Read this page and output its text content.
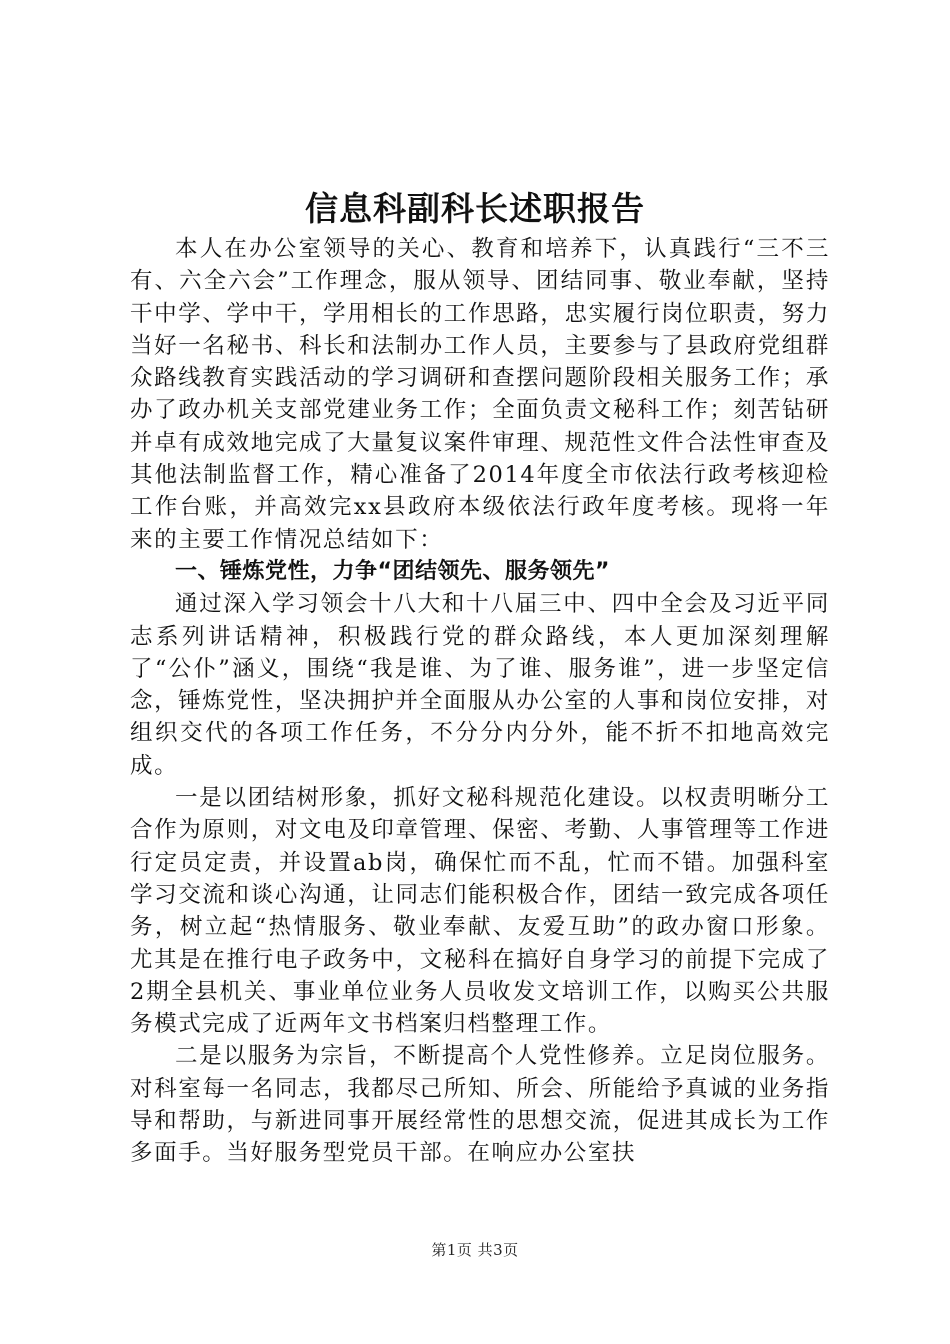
信息科副科长述职报告

本人在办公室领导的关心、教育和培养下，认真践行“三不三有、六全六会”工作理念，服从领导、团结同事、敬业奉献，坚持干中学、学中干，学用相长的工作思路，忠实履行岗位职责，努力当好一名秘书、科长和法制办工作人员，主要参与了县政府党组群众路线教育实践活动的学习调研和查摆问题阶段相关服务工作；承办了政办机关支部党建业务工作；全面负责文秘科工作；刻苦钻研并卓有成效地完成了大量复议案件审理、规范性文件合法性审查及其他法制监督工作，精心准备了2014年度全市依法行政考核迎检工作台账，并高效完xx县政府本级依法行政年度考核。现将一年来的主要工作情况总结如下：

一、锤炼党性，力争“团结领先、服务领先”

通过深入学习领会十八大和十八届三中、四中全会及习近平同志系列讲话精神，积极践行党的群众路线，本人更加深刻理解了“公仆”涵义，围绕“我是谁、为了谁、服务谁”，进一步坚定信念，锤炼党性，坚决拥护并全面服从办公室的人事和岗位安排，对组织交代的各项工作任务，不分分内分外，能不折不扣地高效完成。

一是以团结树形象，抓好文秘科规范化建设。以权责明晰分工合作为原则，对文电及印章管理、保密、考勤、人事管理等工作进行定员定责，并设置ab岗，确保忙而不乱，忙而不错。加强科室学习交流和谈心沟通，让同志们能积极合作，团结一致完成各项任务，树立起“热情服务、敬业奉献、友爱互助”的政办窗口形象。尤其是在推行电子政务中，文秘科在搞好自身学习的前提下完成了2期全县机关、事业单位业务人员收发文培训工作，以购买公共服务模式完成了近两年文书档案归档整理工作。

二是以服务为宗旨，不断提高个人党性修养。立足岗位服务。对科室每一名同志，我都尽己所知、所会、所能给予真诚的业务指导和帮助，与新进同事开展经常性的思想交流，促进其成长为工作多面手。当好服务型党员干部。在响应办公室扶

第1页 共3页
